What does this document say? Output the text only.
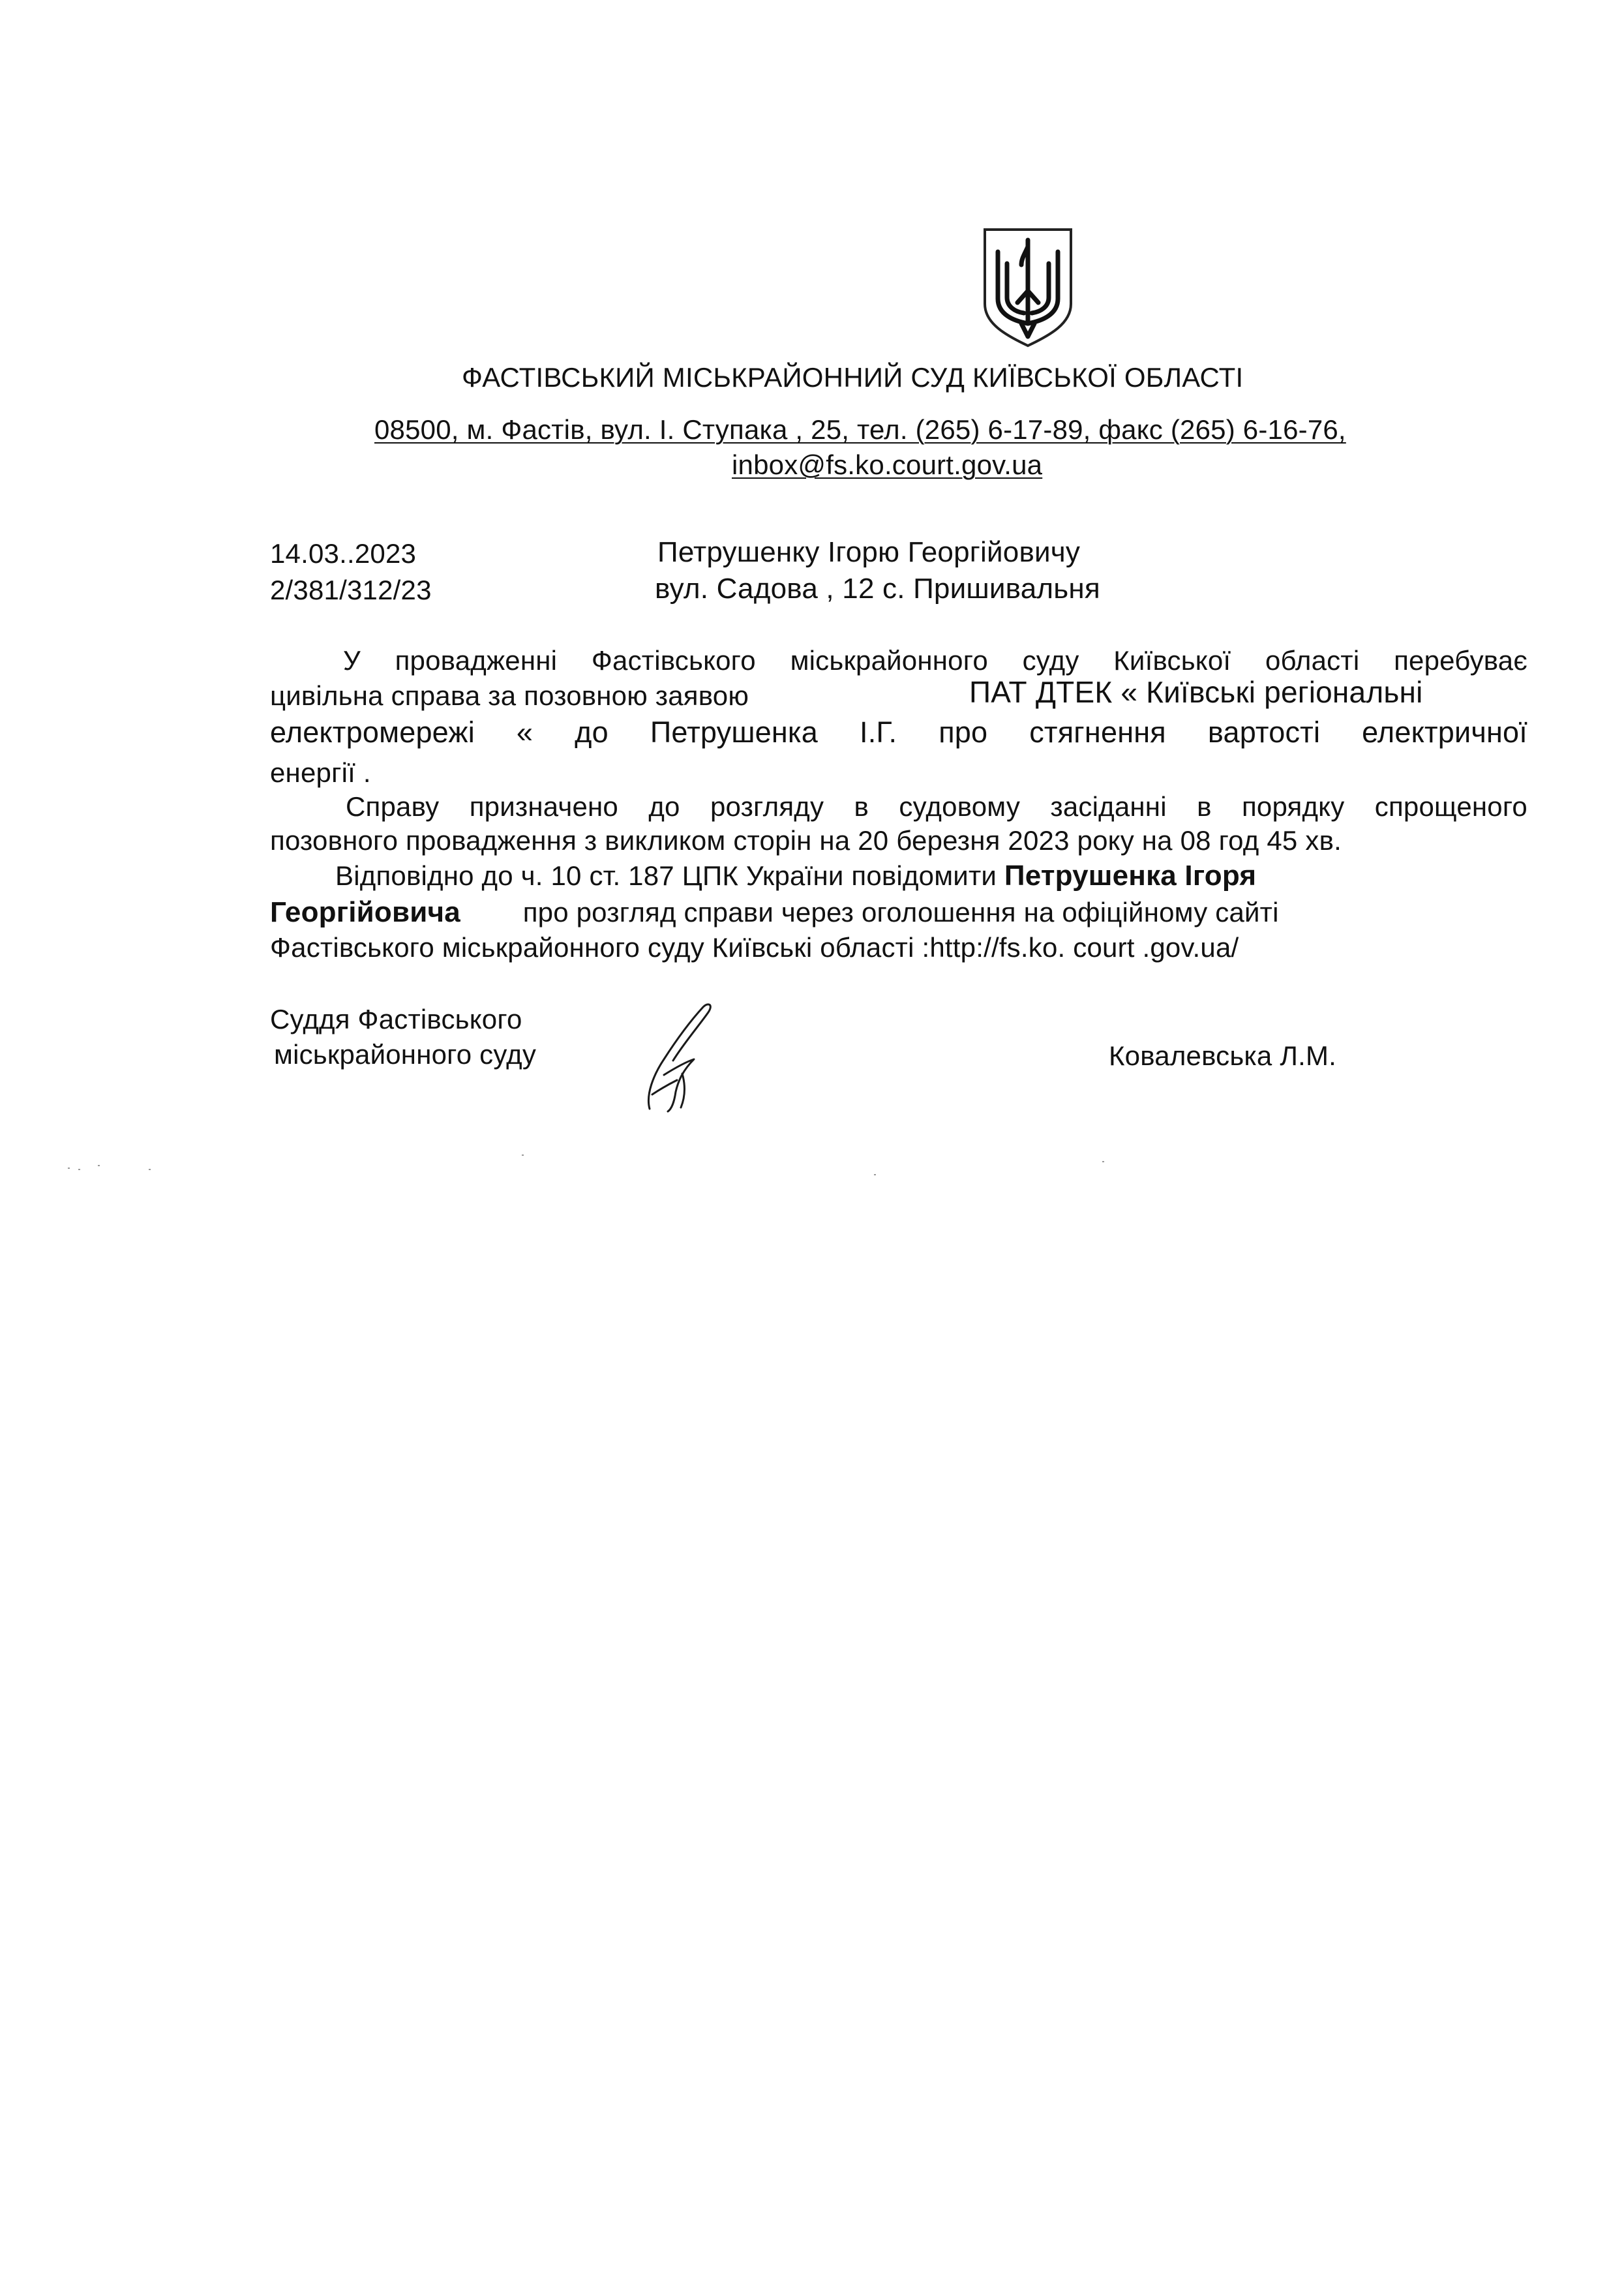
ФАСТІВСЬКИЙ МІСЬКРАЙОННИЙ СУД КИЇВСЬКОЇ ОБЛАСТІ
08500, м. Фастів, вул. І. Ступака , 25, тел. (265) 6-17-89, факс (265) 6-16-76,
inbox@fs.ko.court.gov.ua
14.03..2023
2/381/312/23
Петрушенку Ігорю Георгійовичу
вул. Садова , 12 с. Пришивальня
У провадженні Фастівського міськрайонного суду Київської області перебуває
цивільна справа за позовною заявою	ПАТ ДТЕК « Київські регіональні
електромережі « до Петрушенка І.Г. про стягнення вартості електричної
енергії .
Справу призначено до розгляду в судовому засіданні в порядку спрощеного
позовного провадження з викликом сторін на 20 березня 2023 року на 08 год 45 хв.
Відповідно до ч. 10 ст. 187 ЦПК України повідомити Петрушенка Ігоря
Георгійовича про розгляд справи через оголошення на офіційному сайті
Фастівського міськрайонного суду Київські області :http://fs.ko. court .gov.ua/
Суддя Фастівського
міськрайонного суду	Ковалевська Л.М.
